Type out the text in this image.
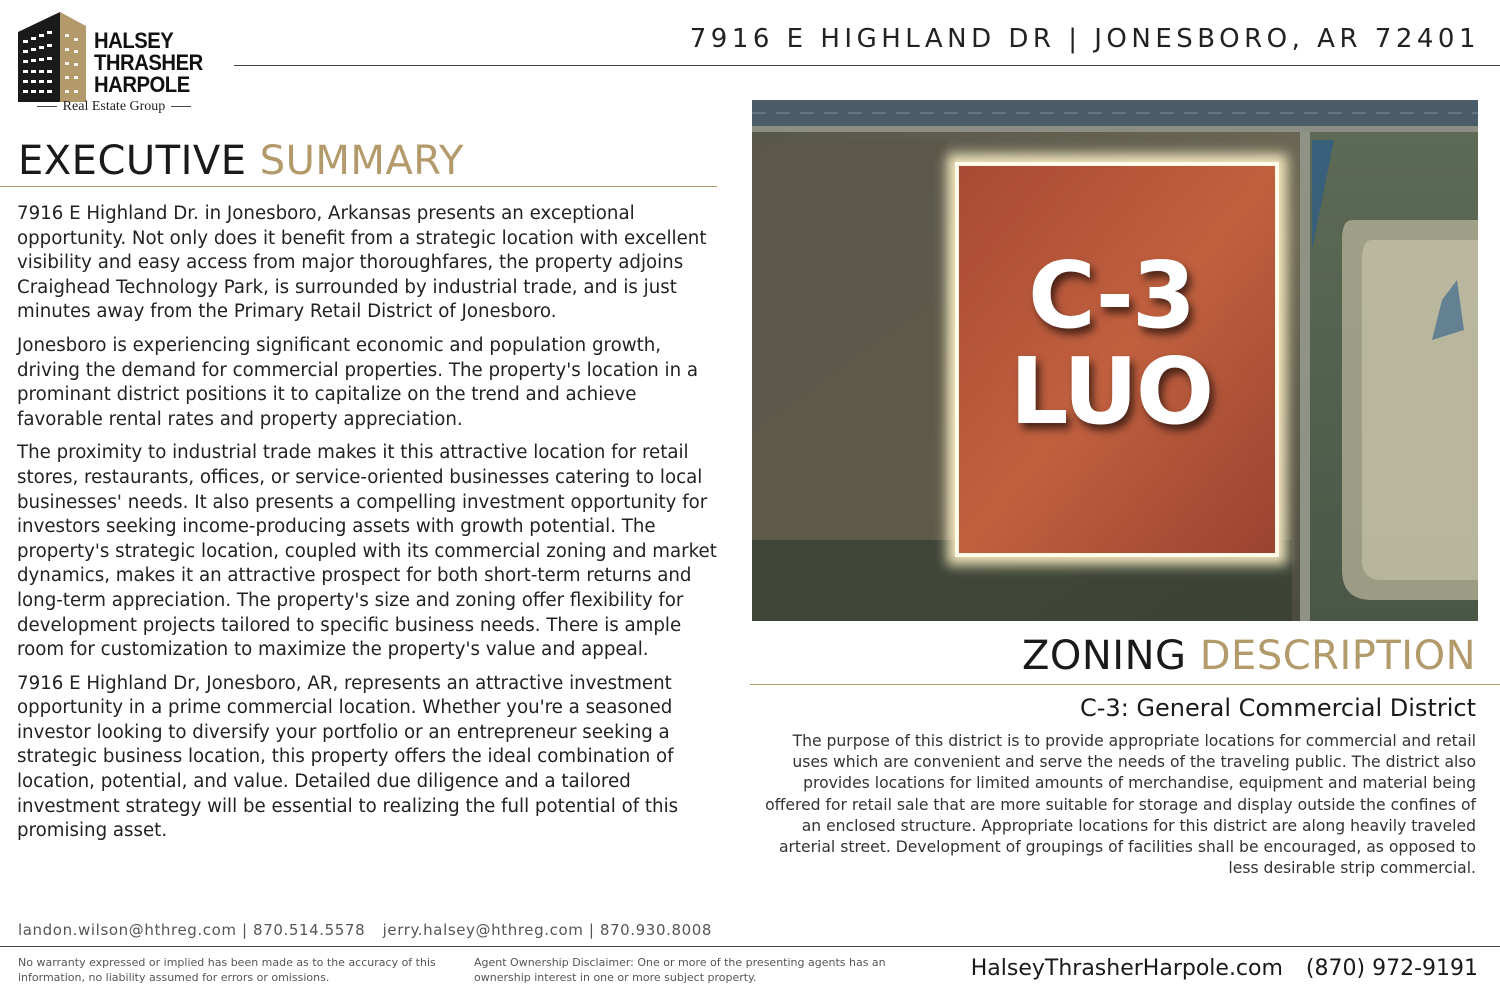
HALSEY
THRASHER
HARPOLE
Real Estate Group
7916 E HIGHLAND DR | JONESBORO, AR 72401
EXECUTIVE SUMMARY

7916 E Highland Dr. in Jonesboro, Arkansas presents an exceptional opportunity. Not only does it benefit from a strategic location with excellent visibility and easy access from major thoroughfares, the property adjoins Craighead Technology Park, is surrounded by industrial trade, and is just minutes away from the Primary Retail District of Jonesboro.

Jonesboro is experiencing significant economic and population growth, driving the demand for commercial properties. The property's location in a prominant district positions it to capitalize on the trend and achieve favorable rental rates and property appreciation.

The proximity to industrial trade makes it this attractive location for retail stores, restaurants, offices, or service-oriented businesses catering to local businesses' needs. It also presents a compelling investment opportunity for investors seeking income-producing assets with growth potential. The property's strategic location, coupled with its commercial zoning and market dynamics, makes it an attractive prospect for both short-term returns and long-term appreciation. The property's size and zoning offer flexibility for development projects tailored to specific business needs. There is ample room for customization to maximize the property's value and appeal.

7916 E Highland Dr, Jonesboro, AR, represents an attractive investment opportunity in a prime commercial location. Whether you're a seasoned investor looking to diversify your portfolio or an entrepreneur seeking a strategic business location, this property offers the ideal combination of location, potential, and value. Detailed due diligence and a tailored investment strategy will be essential to realizing the full potential of this promising asset.

C-3
LUO
ZONING DESCRIPTION
C-3: General Commercial District
The purpose of this district is to provide appropriate locations for commercial and retail uses which are convenient and serve the needs of the traveling public. The district also provides locations for limited amounts of merchandise, equipment and material being offered for retail sale that are more suitable for storage and display outside the confines of an enclosed structure. Appropriate locations for this district are along heavily traveled arterial street. Development of groupings of facilities shall be encouraged, as opposed to less desirable strip commercial.
landon.wilson@hthreg.com | 870.514.5578 jerry.halsey@hthreg.com | 870.930.8008
No warranty expressed or implied has been made as to the accuracy of this information, no liability assumed for errors or omissions.
Agent Ownership Disclaimer: One or more of the presenting agents has an ownership interest in one or more subject property.	HalseyThrasherHarpole.com (870) 972-9191
